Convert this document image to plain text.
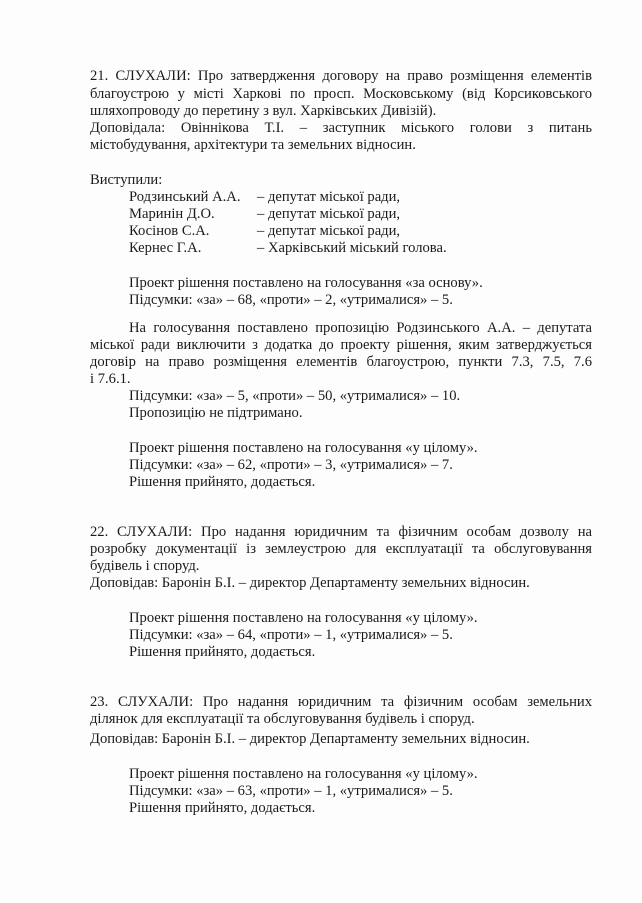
21. СЛУХАЛИ: Про затвердження договору на право розміщення елементів
благоустрою у місті Харкові по просп. Московському (від Корсиковського
шляхопроводу до перетину з вул. Харківських Дивізій).
Доповідала: Овіннікова Т.І. – заступник міського голови з питань
містобудування, архітектури та земельних відносин.
Виступили:
Родзинський А.А. – депутат міської ради,
Маринін Д.О.	– депутат міської ради,
Косінов С.А.	– депутат міської ради,
Кернес Г.А.	– Харківський міський голова.
Проект рішення поставлено на голосування «за основу».
Підсумки: «за» – 68, «проти» – 2, «утрималися» – 5.
На голосування поставлено пропозицію Родзинського А.А. – депутата
міської ради виключити з додатка до проекту рішення, яким затверджується
договір на право розміщення елементів благоустрою, пункти 7.3, 7.5, 7.6
і 7.6.1.
Підсумки: «за» – 5, «проти» – 50, «утрималися» – 10.
Пропозицію не підтримано.
Проект рішення поставлено на голосування «у цілому».
Підсумки: «за» – 62, «проти» – 3, «утрималися» – 7.
Рішення прийнято, додається.
22. СЛУХАЛИ: Про надання юридичним та фізичним особам дозволу на
розробку документації із землеустрою для експлуатації та обслуговування
будівель і споруд.
Доповідав: Баронін Б.І. – директор Департаменту земельних відносин.
Проект рішення поставлено на голосування «у цілому».
Підсумки: «за» – 64, «проти» – 1, «утрималися» – 5.
Рішення прийнято, додається.
23. СЛУХАЛИ: Про надання юридичним та фізичним особам земельних
ділянок для експлуатації та обслуговування будівель і споруд.
Доповідав: Баронін Б.І. – директор Департаменту земельних відносин.
Проект рішення поставлено на голосування «у цілому».
Підсумки: «за» – 63, «проти» – 1, «утрималися» – 5.
Рішення прийнято, додається.
